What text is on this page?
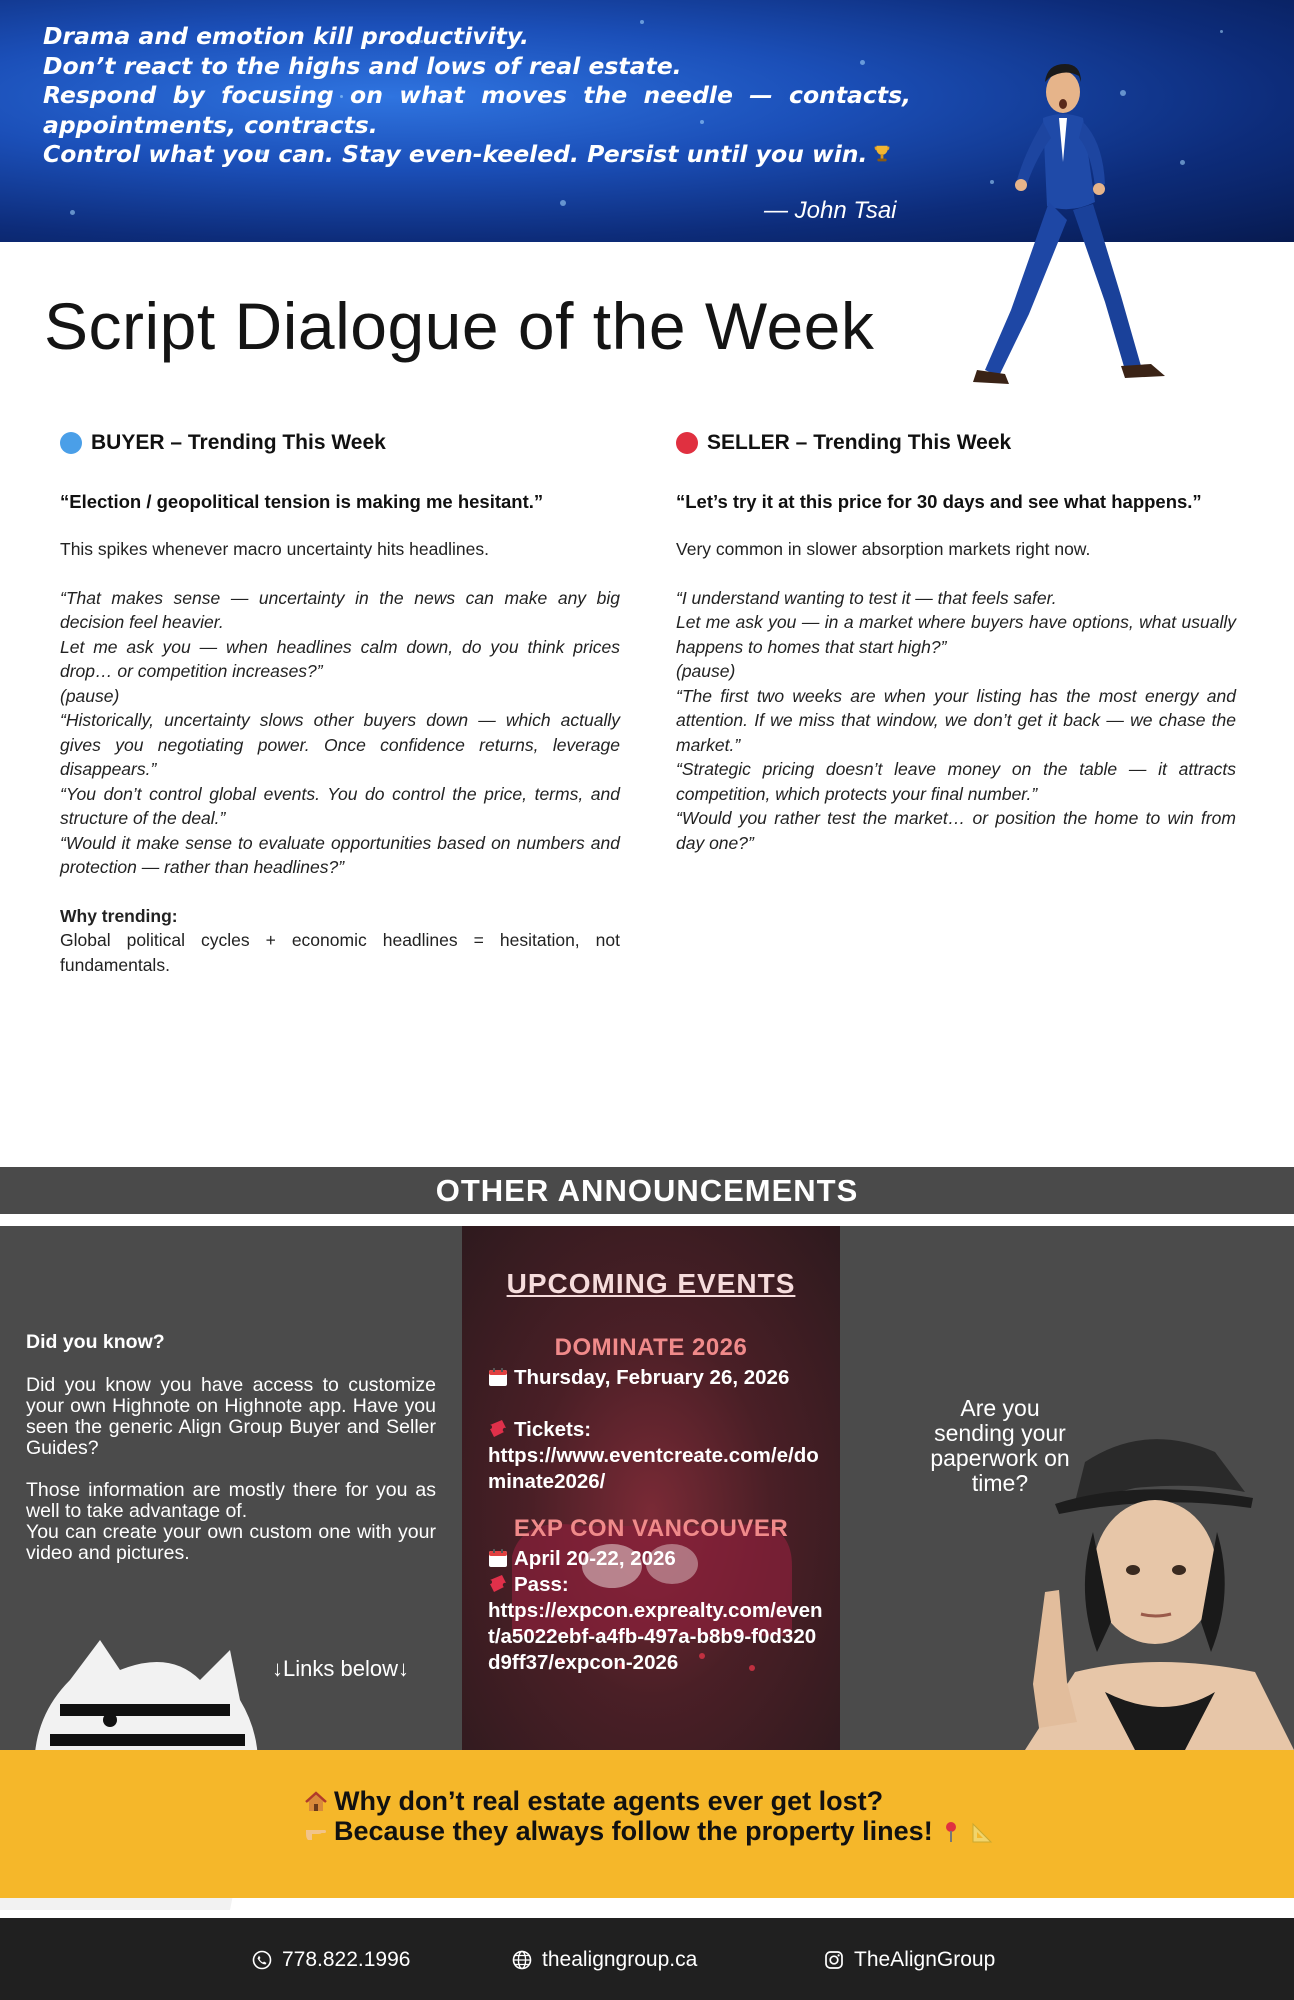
Drama and emotion kill productivity.

Don’t react to the highs and lows of real estate.

Respond by focusing on what moves the needle — contacts,

appointments, contracts.

Control what you can. Stay even-keeled. Persist until you win.

— John Tsai
Script Dialogue of the Week
BUYER – Trending This Week
“Election / geopolitical tension is making me hesitant.”
This spikes whenever macro uncertainty hits headlines.

“That makes sense — uncertainty in the news can make any big decision feel heavier.

Let me ask you — when headlines calm down, do you think prices drop… or competition increases?”

(pause)

“Historically, uncertainty slows other buyers down — which actually gives you negotiating power. Once confidence returns, leverage disappears.”

“You don’t control global events. You do control the price, terms, and structure of the deal.”

“Would it make sense to evaluate opportunities based on numbers and protection — rather than headlines?”

Why trending:
Global political cycles + economic headlines = hesitation, not fundamentals.
SELLER – Trending This Week
“Let’s try it at this price for 30 days and see what happens.”
Very common in slower absorption markets right now.

“I understand wanting to test it — that feels safer.

Let me ask you — in a market where buyers have options, what usually happens to homes that start high?”

(pause)

“The first two weeks are when your listing has the most energy and attention. If we miss that window, we don’t get it back — we chase the market.”

“Strategic pricing doesn’t leave money on the table — it attracts competition, which protects your final number.”

“Would you rather test the market… or position the home to win from day one?”

OTHER ANNOUNCEMENTS
Did you know?
Did you know you have access to customize your own Highnote on Highnote app. Have you seen the generic Align Group Buyer and Seller Guides?
Those information are mostly there for you as well to take advantage of.
You can create your own custom one with your video and pictures.
UPCOMING EVENTS
DOMINATE 2026
Thursday, February 26, 2026
Tickets:
https://www.eventcreate.com/e/dominate2026/
EXP CON VANCOUVER
April 20-22, 2026
Pass:
https://expcon.exprealty.com/event/a5022ebf-a4fb-497a-b8b9-f0d320d9ff37/expcon-2026
Are you sending your paperwork on time?
↓Links below↓
Why don’t real estate agents ever get lost?
Because they always follow the property lines!
778.822.1996	thealigngroup.ca	TheAlignGroup
